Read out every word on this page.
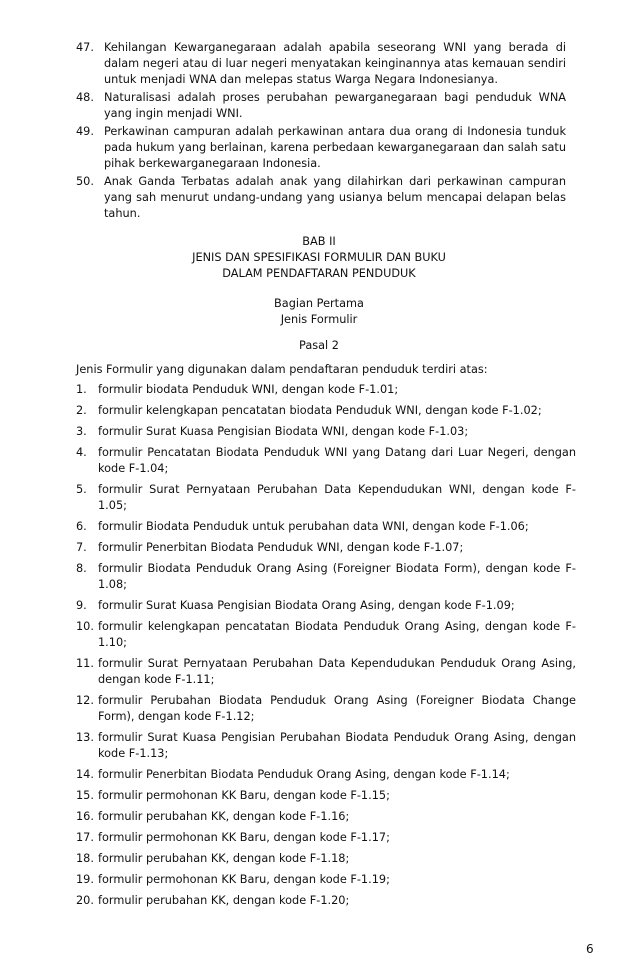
47. Kehilangan Kewarganegaraan adalah apabila seseorang WNI yang berada di dalam negeri atau di luar negeri menyatakan keinginannya atas kemauan sendiri untuk menjadi WNA dan melepas status Warga Negara Indonesianya.
48. Naturalisasi adalah proses perubahan pewarganegaraan bagi penduduk WNA yang ingin menjadi WNI.
49. Perkawinan campuran adalah perkawinan antara dua orang di Indonesia tunduk pada hukum yang berlainan, karena perbedaan kewarganegaraan dan salah satu pihak berkewarganegaraan Indonesia.
50. Anak Ganda Terbatas adalah anak yang dilahirkan dari perkawinan campuran yang sah menurut undang-undang yang usianya belum mencapai delapan belas tahun.
BAB II
JENIS DAN SPESIFIKASI FORMULIR DAN BUKU
DALAM PENDAFTARAN PENDUDUK
Bagian Pertama
Jenis Formulir
Pasal 2
Jenis Formulir yang digunakan dalam pendaftaran penduduk terdiri atas:
1. formulir biodata Penduduk WNI, dengan kode F-1.01;
2. formulir kelengkapan pencatatan biodata Penduduk WNI, dengan kode F-1.02;
3. formulir Surat Kuasa Pengisian Biodata WNI, dengan kode F-1.03;
4. formulir Pencatatan Biodata Penduduk WNI yang Datang dari Luar Negeri, dengan kode F-1.04;
5. formulir Surat Pernyataan Perubahan Data Kependudukan WNI, dengan kode F-1.05;
6. formulir Biodata Penduduk untuk perubahan data WNI, dengan kode F-1.06;
7. formulir Penerbitan Biodata Penduduk WNI, dengan kode F-1.07;
8. formulir Biodata Penduduk Orang Asing (Foreigner Biodata Form), dengan kode F-1.08;
9. formulir Surat Kuasa Pengisian Biodata Orang Asing, dengan kode F-1.09;
10. formulir kelengkapan pencatatan Biodata Penduduk Orang Asing, dengan kode F-1.10;
11. formulir Surat Pernyataan Perubahan Data Kependudukan Penduduk Orang Asing, dengan kode F-1.11;
12. formulir Perubahan Biodata Penduduk Orang Asing (Foreigner Biodata Change Form), dengan kode F-1.12;
13. formulir Surat Kuasa Pengisian Perubahan Biodata Penduduk Orang Asing, dengan kode F-1.13;
14. formulir Penerbitan Biodata Penduduk Orang Asing, dengan kode F-1.14;
15. formulir permohonan KK Baru, dengan kode F-1.15;
16. formulir perubahan KK, dengan kode F-1.16;
17. formulir permohonan KK Baru, dengan kode F-1.17;
18. formulir perubahan KK, dengan kode F-1.18;
19. formulir permohonan KK Baru, dengan kode F-1.19;
20. formulir perubahan KK, dengan kode F-1.20;
6
